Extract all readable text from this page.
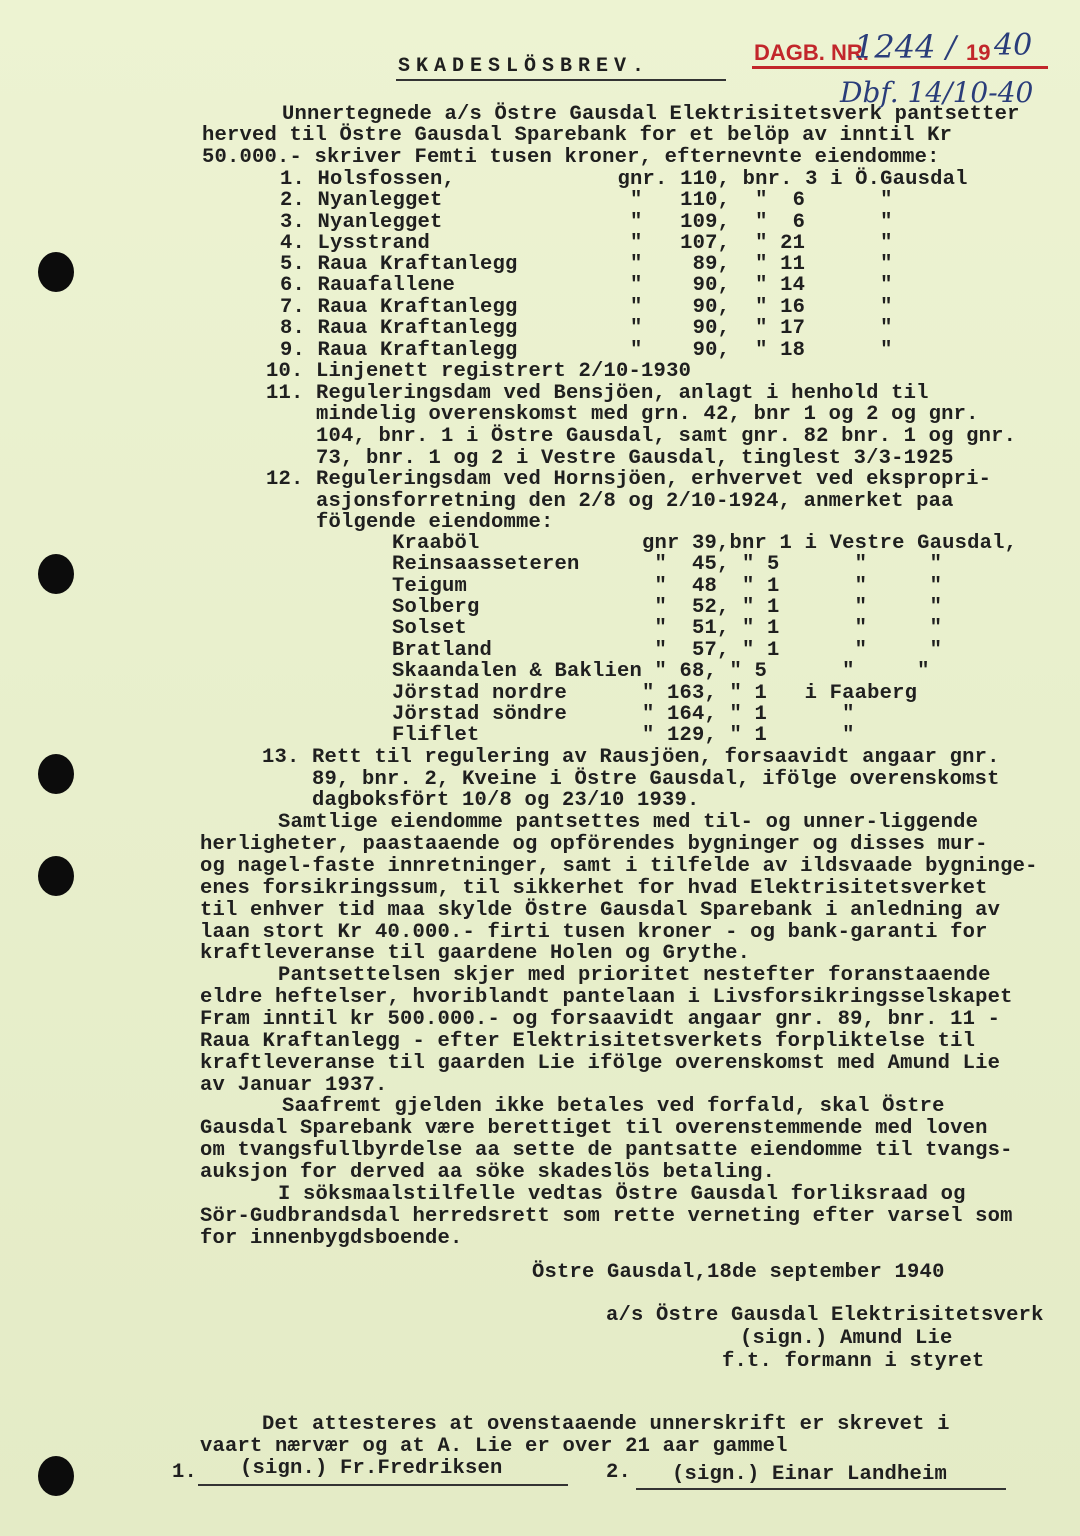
SKADESLÖSBREV.
DAGB. NR.
1244 / 19 40
Dbf. 14/10-40
Unnertegnede a/s Östre Gausdal Elektrisitetsverk pantsetter
herved til Östre Gausdal Sparebank for et belöp av inntil Kr
50.000.- skriver Femti tusen kroner, efternevnte eiendomme:
1. Holsfossen,             gnr. 110, bnr. 3 i Ö.Gausdal
2. Nyanlegget               "   110,  "  6      "
3. Nyanlegget               "   109,  "  6      "
4. Lysstrand                "   107,  " 21      "
5. Raua Kraftanlegg         "    89,  " 11      "
6. Rauafallene              "    90,  " 14      "
7. Raua Kraftanlegg         "    90,  " 16      "
8. Raua Kraftanlegg         "    90,  " 17      "
9. Raua Kraftanlegg         "    90,  " 18      "
10. Linjenett registrert 2/10-1930
11. Reguleringsdam ved Bensjöen, anlagt i henhold til
mindelig overenskomst med grn. 42, bnr 1 og 2 og gnr.
104, bnr. 1 i Östre Gausdal, samt gnr. 82 bnr. 1 og gnr.
73, bnr. 1 og 2 i Vestre Gausdal, tinglest 3/3-1925
12. Reguleringsdam ved Hornsjöen, erhvervet ved ekspropri-
asjonsforretning den 2/8 og 2/10-1924, anmerket paa
fölgende eiendomme:
Kraaböl             gnr 39,bnr 1 i Vestre Gausdal,
Reinsaasseteren      "  45, " 5      "     "
Teigum               "  48  " 1      "     "
Solberg              "  52, " 1      "     "
Solset               "  51, " 1      "     "
Bratland             "  57, " 1      "     "
Skaandalen & Baklien " 68, " 5      "     "
Jörstad nordre      " 163, " 1   i Faaberg
Jörstad söndre      " 164, " 1      "
Fliflet             " 129, " 1      "
13. Rett til regulering av Rausjöen, forsaavidt angaar gnr.
89, bnr. 2, Kveine i Östre Gausdal, ifölge overenskomst
dagboksfört 10/8 og 23/10 1939.
Samtlige eiendomme pantsettes med til- og unner-liggende
herligheter, paastaaende og opförendes bygninger og disses mur-
og nagel-faste innretninger, samt i tilfelde av ildsvaade bygninge-
enes forsikringssum, til sikkerhet for hvad Elektrisitetsverket
til enhver tid maa skylde Östre Gausdal Sparebank i anledning av
laan stort Kr 40.000.- firti tusen kroner - og bank-garanti for
kraftleveranse til gaardene Holen og Grythe.
Pantsettelsen skjer med prioritet nestefter foranstaaende
eldre heftelser, hvoriblandt pantelaan i Livsforsikringsselskapet
Fram inntil kr 500.000.- og forsaavidt angaar gnr. 89, bnr. 11 -
Raua Kraftanlegg - efter Elektrisitetsverkets forpliktelse til
kraftleveranse til gaarden Lie ifölge overenskomst med Amund Lie
av Januar 1937.
Saafremt gjelden ikke betales ved forfald, skal Östre
Gausdal Sparebank være berettiget til overenstemmende med loven
om tvangsfullbyrdelse aa sette de pantsatte eiendomme til tvangs-
auksjon for derved aa söke skadeslös betaling.
I söksmaalstilfelle vedtas Östre Gausdal forliksraad og
Sör-Gudbrandsdal herredsrett som rette verneting efter varsel som
for innenbygdsboende.
Östre Gausdal,18de september 1940
a/s Östre Gausdal Elektrisitetsverk
(sign.) Amund Lie
f.t. formann i styret
Det attesteres at ovenstaaende unnerskrift er skrevet i
vaart nærvær og at A. Lie er over 21 aar gammel
1. (sign.) Fr.Fredriksen	2. (sign.) Einar Landheim
